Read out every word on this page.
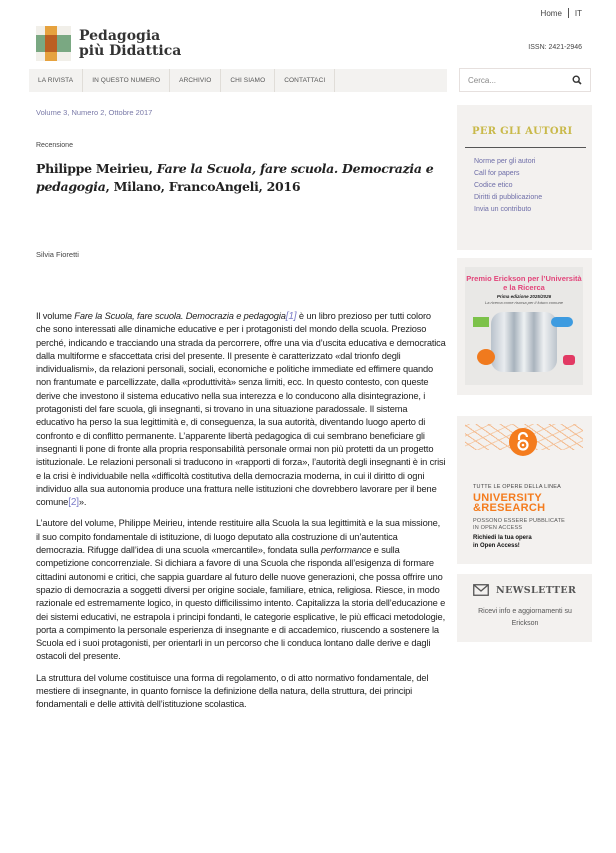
Home IT
Pedagogia
più Didattica	ISSN: 2421-2946
LA RIVISTA	IN QUESTO NUMERO	ARCHIVIO	CHI SIAMO	CONTATTACI
Cerca...
Volume 3, Numero 2, Ottobre 2017
Recensione
Philippe Meirieu, Fare la Scuola, fare scuola. Democrazia e pedagogia, Milano, FrancoAngeli, 2016
Silvia Fioretti

Il volume Fare la Scuola, fare scuola. Democrazia e pedagogia[1] è un libro prezioso per tutti coloro che sono interessati alle dinamiche educative e per i protagonisti del mondo della scuola. Prezioso perché, indicando e tracciando una strada da percorrere, offre una via d’uscita educativa e democratica dalla multiforme e sfaccettata crisi del presente. Il presente è caratterizzato «dal trionfo degli individualismi», da relazioni personali, sociali, economiche e politiche immediate ed effimere quando non frantumate e parcellizzate, dalla «produttività» senza limiti, ecc. In questo contesto, con queste derive che investono il sistema educativo nella sua interezza e lo conducono alla disintegrazione, i protagonisti del fare scuola, gli insegnanti, si trovano in una situazione paradossale. Il sistema educativo ha perso la sua legittimità e, di conseguenza, la sua autorità, diventando luogo aperto di confronto e di conflitto permanente. L’apparente libertà pedagogica di cui sembrano beneficiare gli insegnanti li pone di fronte alla propria responsabilità personale ormai non più protetti da un progetto istituzionale. Le relazioni personali si traducono in «rapporti di forza», l’autorità degli insegnanti è in crisi e la crisi è individuabile nella «difficoltà costitutiva della democrazia moderna, in cui il diritto di ogni individuo alla sua autonomia produce una frattura nelle istituzioni che dovrebbero lavorare per il bene comune[2]».

L’autore del volume, Philippe Meirieu, intende restituire alla Scuola la sua legittimità e la sua missione, il suo compito fondamentale di istituzione, di luogo deputato alla costruzione di un’autentica democrazia. Rifugge dall’idea di una scuola «mercantile», fondata sulla performance e sulla competizione concorrenziale. Si dichiara a favore di una Scuola che risponda all’esigenza di formare cittadini autonomi e critici, che sappia guardare al futuro delle nuove generazioni, che possa offrire uno spazio di democrazia a soggetti diversi per origine sociale, familiare, etnica, religiosa. Riesce, in modo razionale ed estremamente logico, in questo difficilissimo intento. Capitalizza la storia dell’educazione e dei sistemi educativi, ne estrapola i principi fondanti, le categorie esplicative, le più efficaci metodologie, porta a compimento la personale esperienza di insegnante e di accademico, riuscendo a sostenere la Scuola ed i suoi protagonisti, per orientarli in un percorso che li conduca lontano dalle derive e dagli ostacoli del presente.

La struttura del volume costituisce una forma di regolamento, o di atto normativo fondamentale, del mestiere di insegnante, in quanto fornisce la definizione della natura, della struttura, dei principi fondamentali e delle attività dell’istituzione scolastica.

PER GLI AUTORI
Norme per gli autori
Call for papers
Codice etico
Diritti di pubblicazione
Invia un contributo
Premio Erickson per l’Università e la Ricerca
Prima edizione 2025/2026
La ricerca come risorsa per il futuro comune
TUTTE LE OPERE DELLA LINEA
UNIVERSITY
&RESEARCH
POSSONO ESSERE PUBBLICATE
IN OPEN ACCESS
Richiedi la tua opera
in Open Access!
NEWSLETTER
Ricevi info e aggiornamenti su Erickson
